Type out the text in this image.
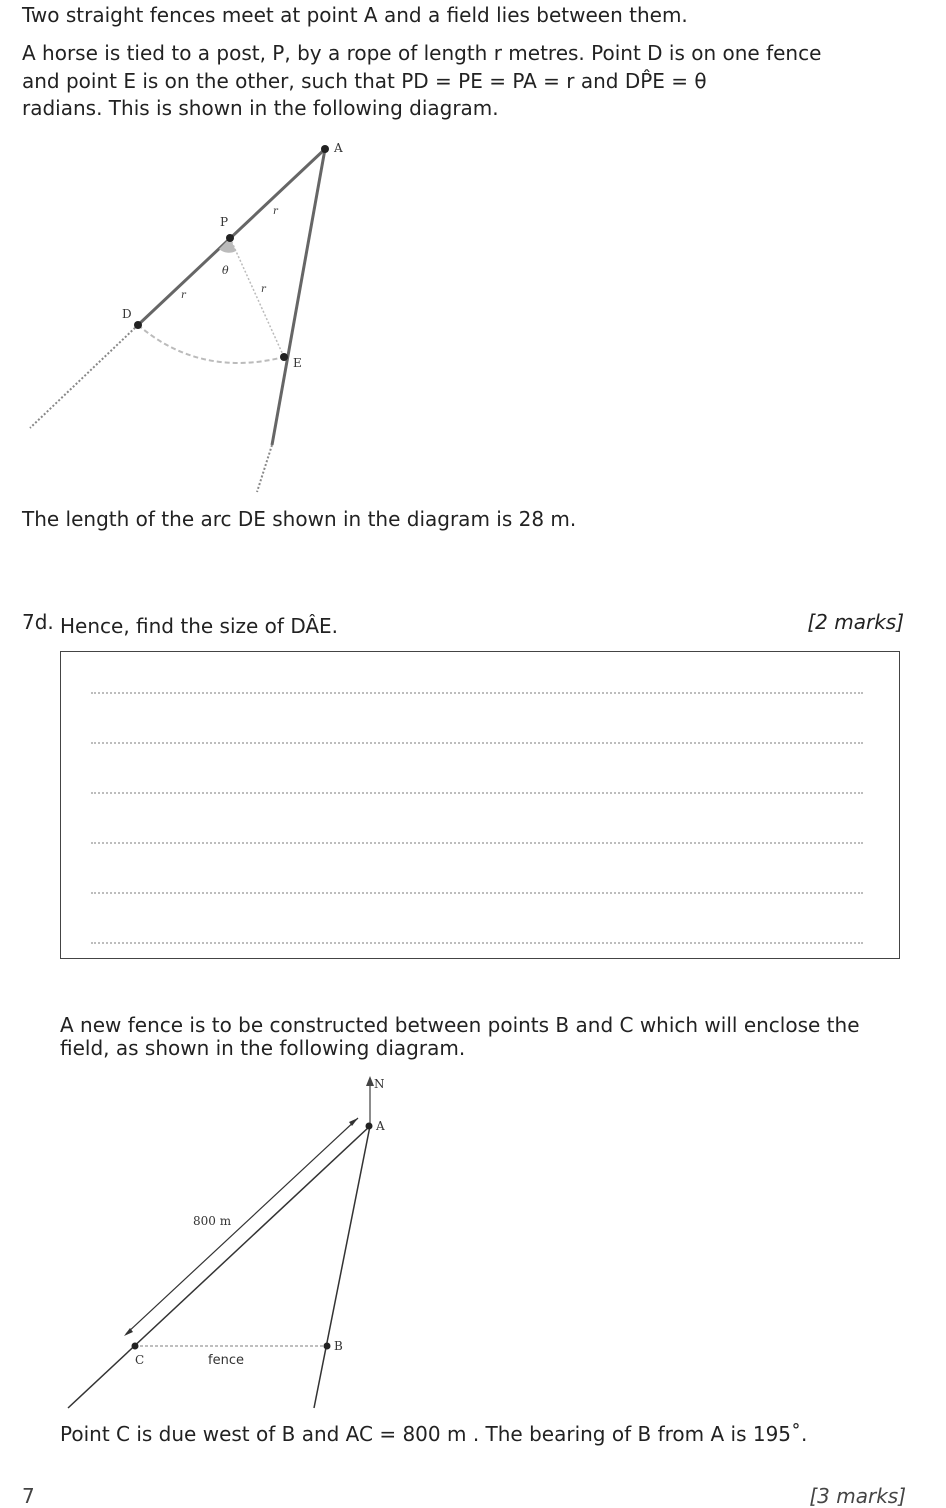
Two straight fences meet at point A and a field lies between them.
A horse is tied to a post, P, by a rope of length r metres. Point D is on one fence
and point E is on the other, such that PD = PE = PA = r and DP̂E = θ
radians. This is shown in the following diagram.
A
P
D
E
θ
r
r
r
The length of the arc DE shown in the diagram is 28 m.
7d. Hence, find the size of DÂE.	[2 marks]
A new fence is to be constructed between points B and C which will enclose the
field, as shown in the following diagram.
N
A
B
C
800 m
fence
Point C is due west of B and AC = 800 m . The bearing of B from A is 195˚.
7	[3 marks]
